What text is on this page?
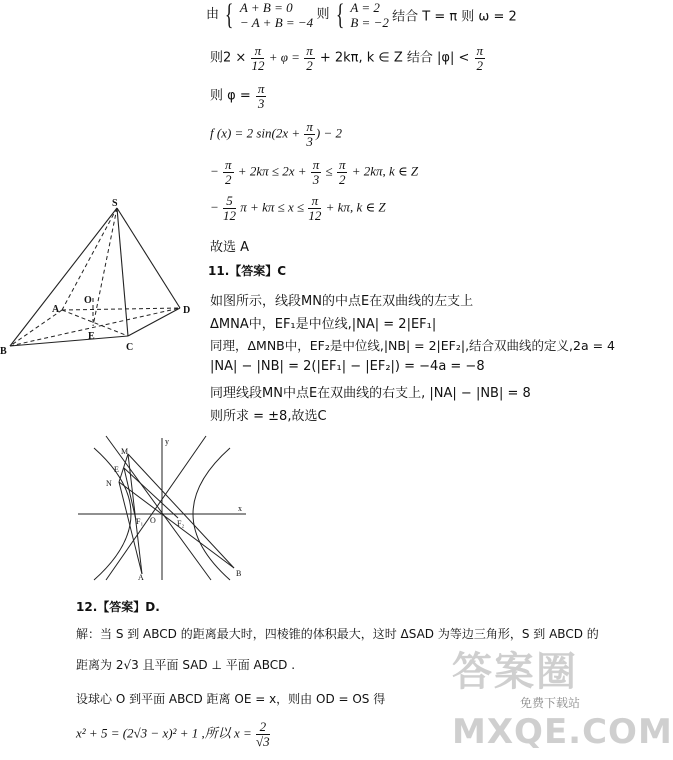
由 { A + B = 0
− A + B = −4
则 { A = 2
B = −2 结合 T = π 则 ω = 2
则$2 \times \frac{\pi}{12} + \varphi = \frac{\pi}{2} + 2k\pi$, k ∈ Z 结合 $|\varphi| < \frac{\pi}{2}$
则 $\varphi = \frac{\pi}{3}$
f (x) = 2 $\sin(2x + \frac{\pi}{3}$ ) − 2
− $\frac{\pi}{2} + 2k\pi \le 2x + \frac{\pi}{3} \le \frac{\pi}{2} + 2k\pi$, k ∈ Z
− $\frac{5}{12}$ $\pi + k\pi \le x \le \frac{\pi}{12} + k\pi$, k ∈ Z
故选 A
S
A
B	C
D
O
E
11.【答案】C
如图所示，线段MN的中点E在双曲线的左支上
ΔMNA中，EF₁是中位线,|NA| = 2|EF₁|
同理，ΔMNB中，EF₂是中位线,|NB| = 2|EF₂|,结合双曲线的定义,2a = 4
|NA| − |NB| = 2(|EF₁| − |EF₂|) = −4a = −8
同理线段MN中点E在双曲线的右支上, |NA| − |NB| = 8
则所求 = ±8,故选C
M
E
N
F₁ O	F₂
x
y
A	B
12.【答案】D.
解：当 S 到 ABCD 的距离最大时，四棱锥的体积最大，这时 ΔSAD 为等边三角形，S 到 ABCD 的
距离为 2√3 且平面 SAD ⊥ 平面 ABCD .
设球心 O 到平面 ABCD 距离 OE = x，则由 OD = OS 得
x² + 5 = (2√3 − x)² + 1 ,所以 $x = \frac{2}{√3}$
答案圈
免费下载站
MXQE.COM
